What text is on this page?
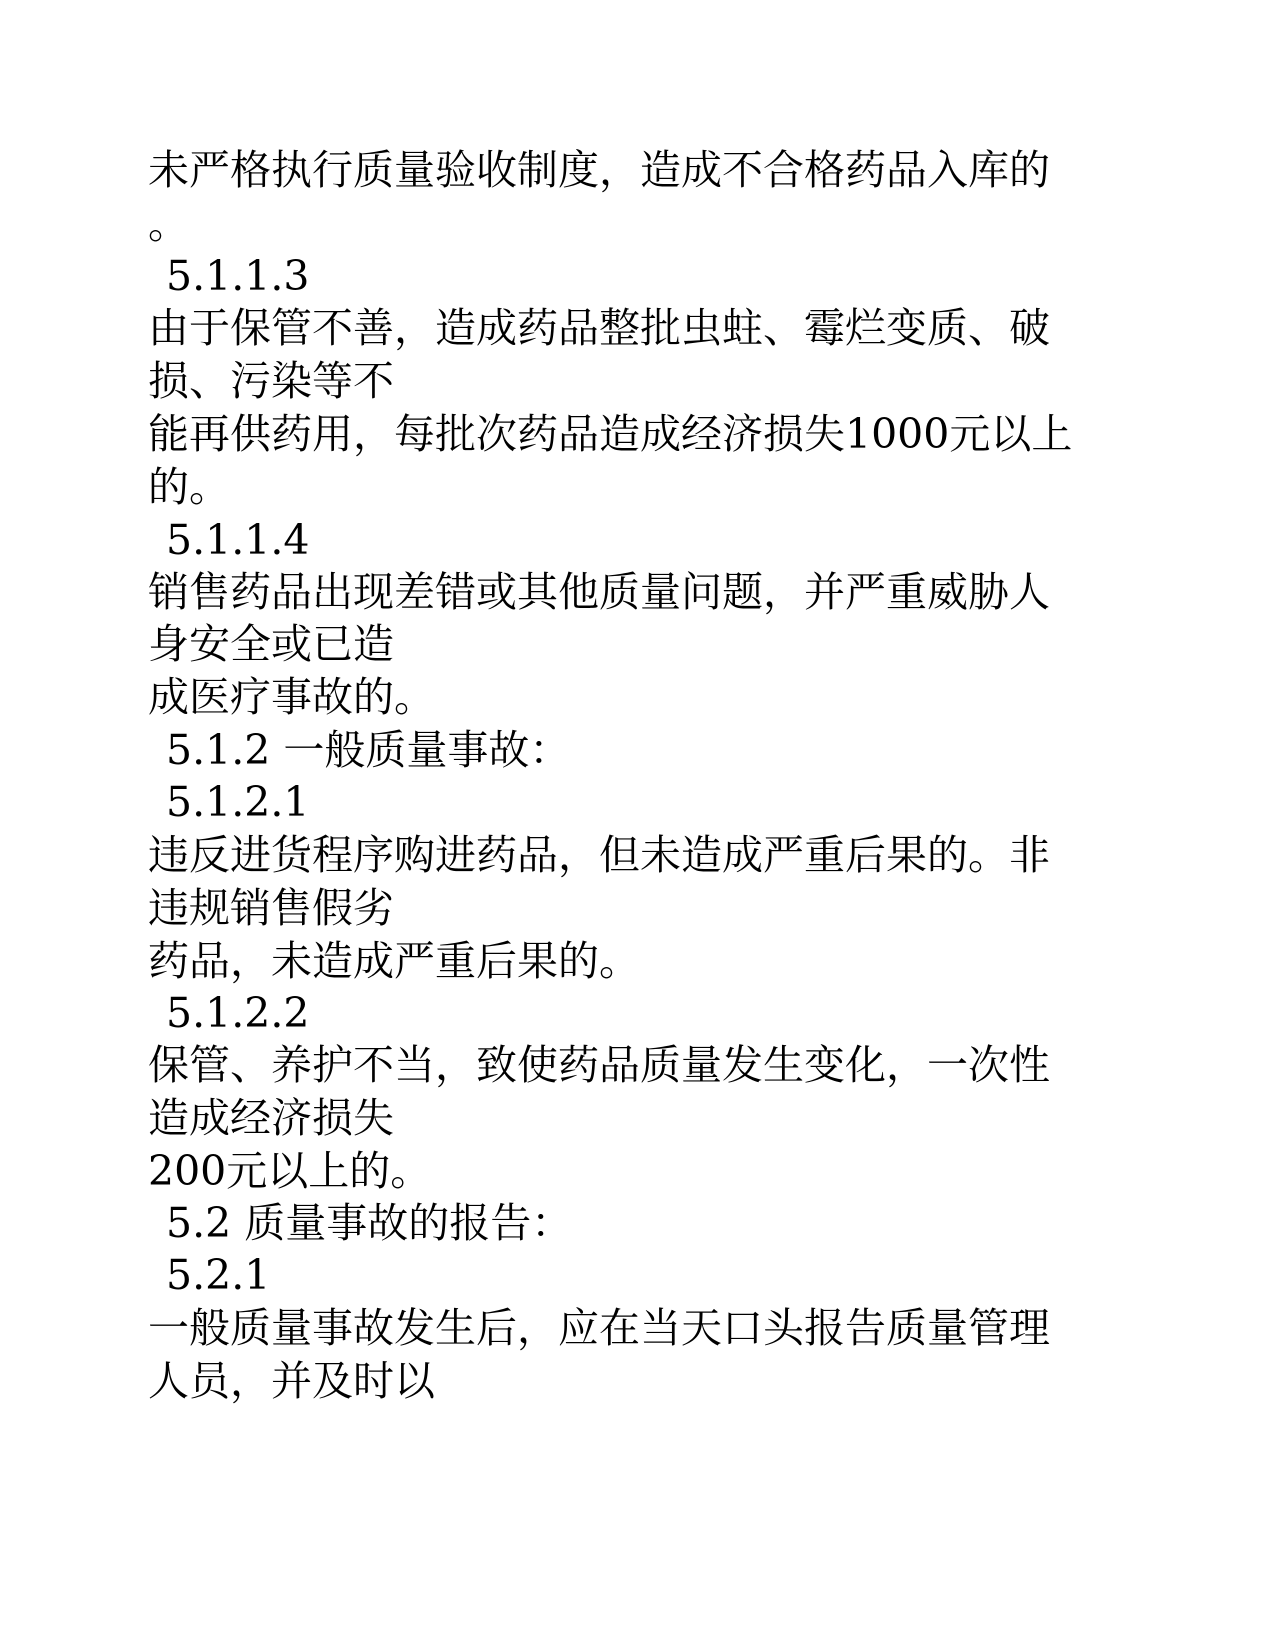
未严格执行质量验收制度，造成不合格药品入库的
。
5.1.1.3
由于保管不善，造成药品整批虫蛀、霉烂变质、破
损、污染等不
能再供药用，每批次药品造成经济损失1000元以上
的。
5.1.1.4
销售药品出现差错或其他质量问题，并严重威胁人
身安全或已造
成医疗事故的。
5.1.2 一般质量事故：
5.1.2.1
违反进货程序购进药品，但未造成严重后果的。非
违规销售假劣
药品，未造成严重后果的。
5.1.2.2
保管、养护不当，致使药品质量发生变化，一次性
造成经济损失
200元以上的。
5.2 质量事故的报告：
5.2.1
一般质量事故发生后，应在当天口头报告质量管理
人员，并及时以
